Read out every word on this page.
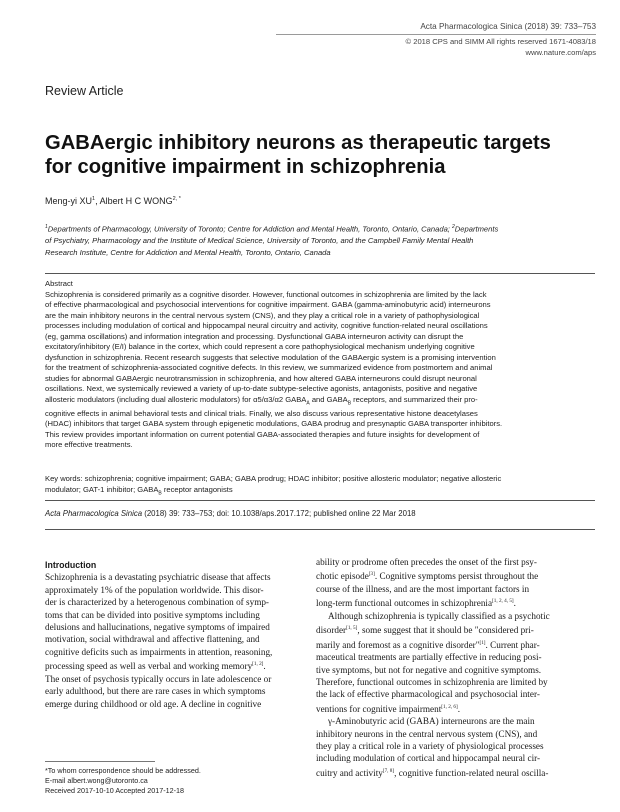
Acta Pharmacologica Sinica (2018) 39: 733–753
© 2018 CPS and SIMM All rights reserved 1671-4083/18
www.nature.com/aps
Review Article
GABAergic inhibitory neurons as therapeutic targets
for cognitive impairment in schizophrenia
Meng-yi $XU^1$, Albert H C $WONG^{2, *}$
$^1$Departments of Pharmacology, University of Toronto; Centre for Addiction and Mental Health, Toronto, Ontario, Canada; $^2$Departments
of Psychiatry, Pharmacology and the Institute of Medical Science, University of Toronto, and the Campbell Family Mental Health
Research Institute, Centre for Addiction and Mental Health, Toronto, Ontario, Canada
Abstract
Schizophrenia is considered primarily as a cognitive disorder. However, functional outcomes in schizophrenia are limited by the lack
of effective pharmacological and psychosocial interventions for cognitive impairment. GABA (gamma-aminobutyric acid) interneurons
are the main inhibitory neurons in the central nervous system (CNS), and they play a critical role in a variety of pathophysiological
processes including modulation of cortical and hippocampal neural circuitry and activity, cognitive function-related neural oscillations
(eg, gamma oscillations) and information integration and processing. Dysfunctional GABA interneuron activity can disrupt the
excitatory/inhibitory (E/I) balance in the cortex, which could represent a core pathophysiological mechanism underlying cognitive
dysfunction in schizophrenia. Recent research suggests that selective modulation of the GABAergic system is a promising intervention
for the treatment of schizophrenia-associated cognitive defects. In this review, we summarized evidence from postmortem and animal
studies for abnormal GABAergic neurotransmission in schizophrenia, and how altered GABA interneurons could disrupt neuronal
oscillations. Next, we systemically reviewed a variety of up-to-date subtype-selective agonists, antagonists, positive and negative
allosteric modulators (including dual allosteric modulators) for α5/α3/α2 $GABA_A$ and $GABA_B$ receptors, and summarized their pro-
cognitive effects in animal behavioral tests and clinical trials. Finally, we also discuss various representative histone deacetylases
(HDAC) inhibitors that target GABA system through epigenetic modulations, GABA prodrug and presynaptic GABA transporter inhibitors.
This review provides important information on current potential GABA-associated therapies and future insights for development of
more effective treatments.
Key words: schizophrenia; cognitive impairment; GABA; GABA prodrug; HDAC inhibitor; positive allosteric modulator; negative allosteric
modulator; GAT-1 inhibitor; $GABA_B$ receptor antagonists
Acta Pharmacologica Sinica (2018) 39: 733–753; doi: 10.1038/aps.2017.172; published online 22 Mar 2018
Introduction
Schizophrenia is a devastating psychiatric disease that affects
approximately 1% of the population worldwide. This disor-
der is characterized by a heterogenous combination of symp-
toms that can be divided into positive symptoms including
delusions and hallucinations, negative symptoms of impaired
motivation, social withdrawal and affective flattening, and
cognitive deficits such as impairments in attention, reasoning,
processing speed as well as verbal and working memory[1, 2].
The onset of psychosis typically occurs in late adolescence or
early adulthood, but there are rare cases in which symptoms
emerge during childhood or old age. A decline in cognitive
ability or prodrome often precedes the onset of the first psy-
chotic episode[3]. Cognitive symptoms persist throughout the
course of the illness, and are the most important factors in
long-term functional outcomes in schizophrenia[1, 2, 4, 5].
Although schizophrenia is typically classified as a psychotic
disorder[1, 5], some suggest that it should be "considered pri-
marily and foremost as a cognitive disorder"[1]. Current phar-
maceutical treatments are partially effective in reducing posi-
tive symptoms, but not for negative and cognitive symptoms.
Therefore, functional outcomes in schizophrenia are limited by
the lack of effective pharmacological and psychosocial inter-
ventions for cognitive impairment[1, 2, 6].
γ-Aminobutyric acid (GABA) interneurons are the main
inhibitory neurons in the central nervous system (CNS), and
they play a critical role in a variety of physiological processes
including modulation of cortical and hippocampal neural cir-
cuitry and activity[7, 8], cognitive function-related neural oscilla-
*To whom correspondence should be addressed.
E-mail albert.wong@utoronto.ca
Received 2017-10-10 Accepted 2017-12-18
